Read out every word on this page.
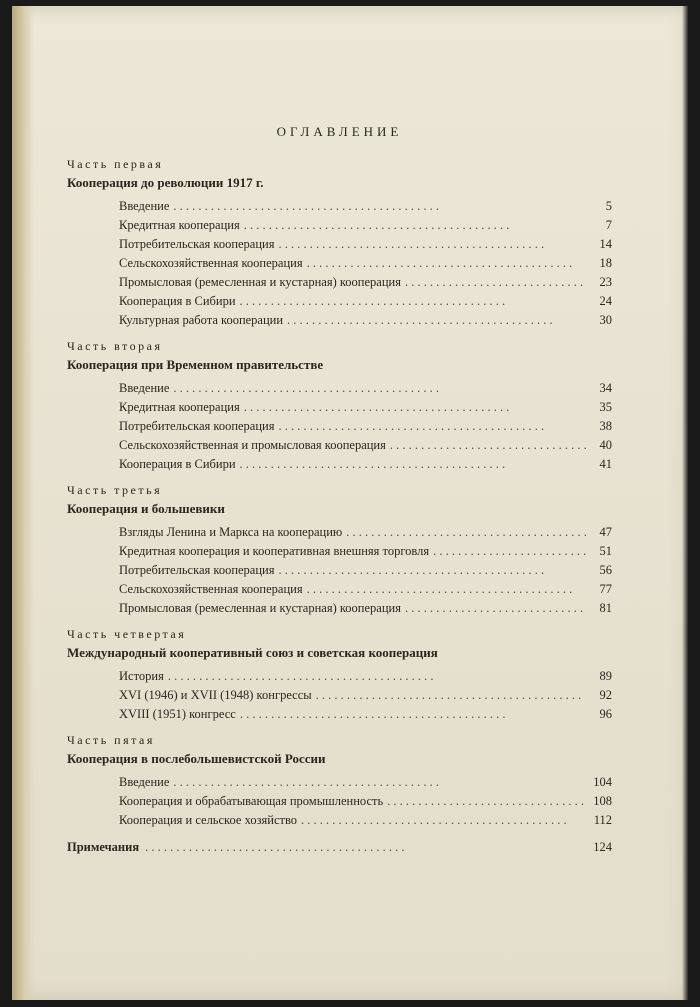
ОГЛАВЛЕНИЕ
Часть первая
Кооперация до революции 1917 г.
Введение . .	5
Кредитная кооперация . .	7
Потребительская кооперация . .	14
Сельскохозяйственная кооперация . .	18
Промысловая (ремесленная и кустарная) кооперация . .	23
Кооперация в Сибири . .	24
Культурная работа кооперации . .	30
Часть вторая
Кооперация при Временном правительстве
Введение . .	34
Кредитная кооперация . .	35
Потребительская кооперация . .	38
Сельскохозяйственная и промысловая кооперация . .	40
Кооперация в Сибири . .	41
Часть третья
Кооперация и большевики
Взгляды Ленина и Маркса на кооперацию . .	47
Кредитная кооперация и кооперативная внешняя торговля . .	51
Потребительская кооперация . .	56
Сельскохозяйственная кооперация . .	77
Промысловая (ремесленная и кустарная) кооперация . .	81
Часть четвертая
Международный кооперативный союз и советская кооперация
История . .	89
XVI (1946) и XVII (1948) конгрессы . .	92
XVIII (1951) конгресс . .	96
Часть пятая
Кооперация в послебольшевистской России
Введение . .	104
Кооперация и обрабатывающая промышленность . .	108
Кооперация и сельское хозяйство . .	112
Примечания . .	124
